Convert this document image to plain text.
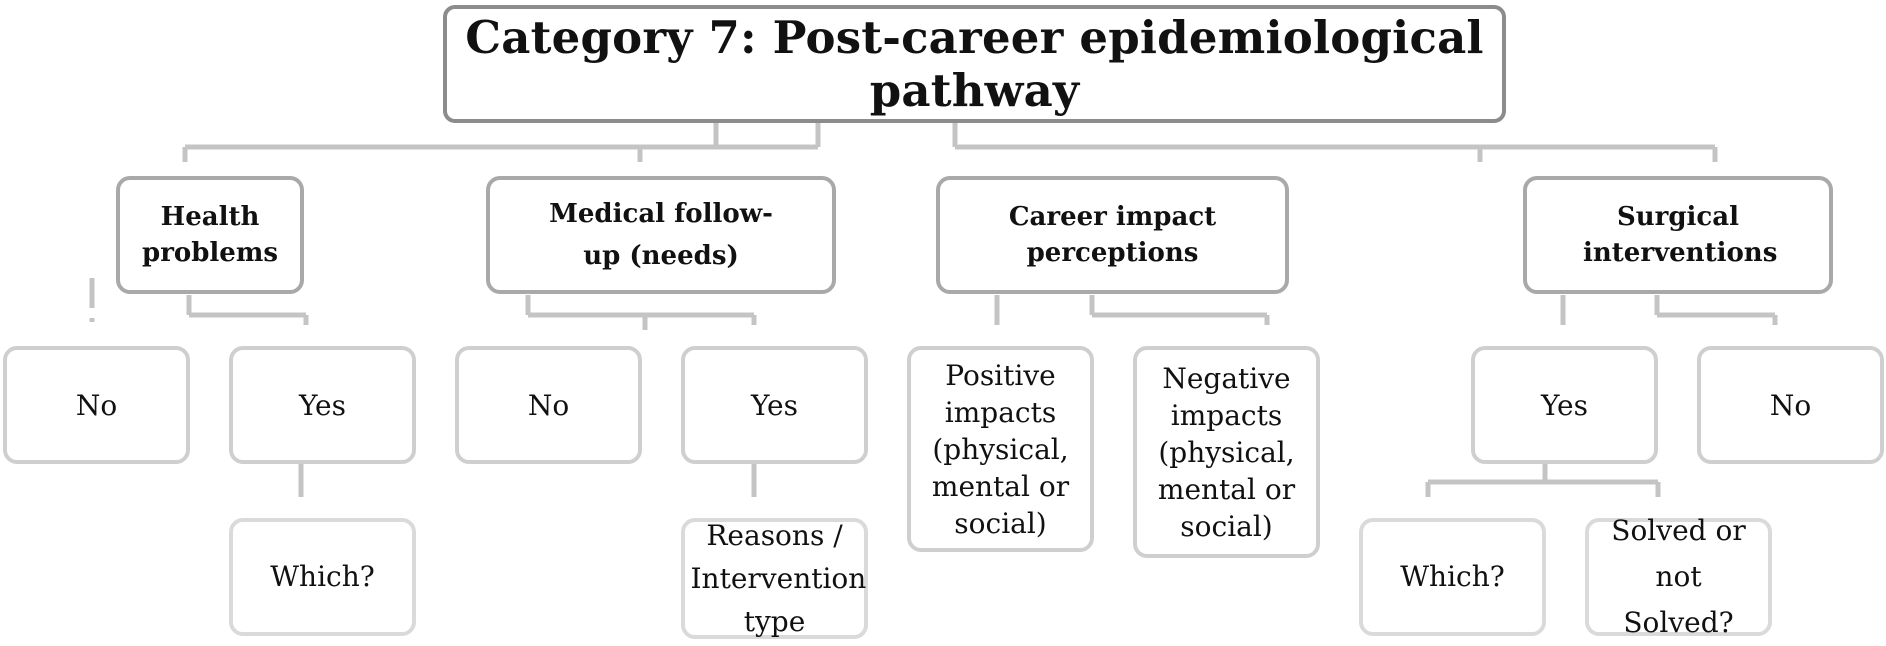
Category 7: Post-career epidemiological pathway
Health problems
Medical follow-up (needs)
Career impact perceptions
Surgical interventions
No	Yes
Which?
No	Yes
Reasons / Intervention type
Positive impacts (physical, mental or social)
Negative impacts (physical, mental or social)
Yes	No
Which?
Solved or not Solved?
